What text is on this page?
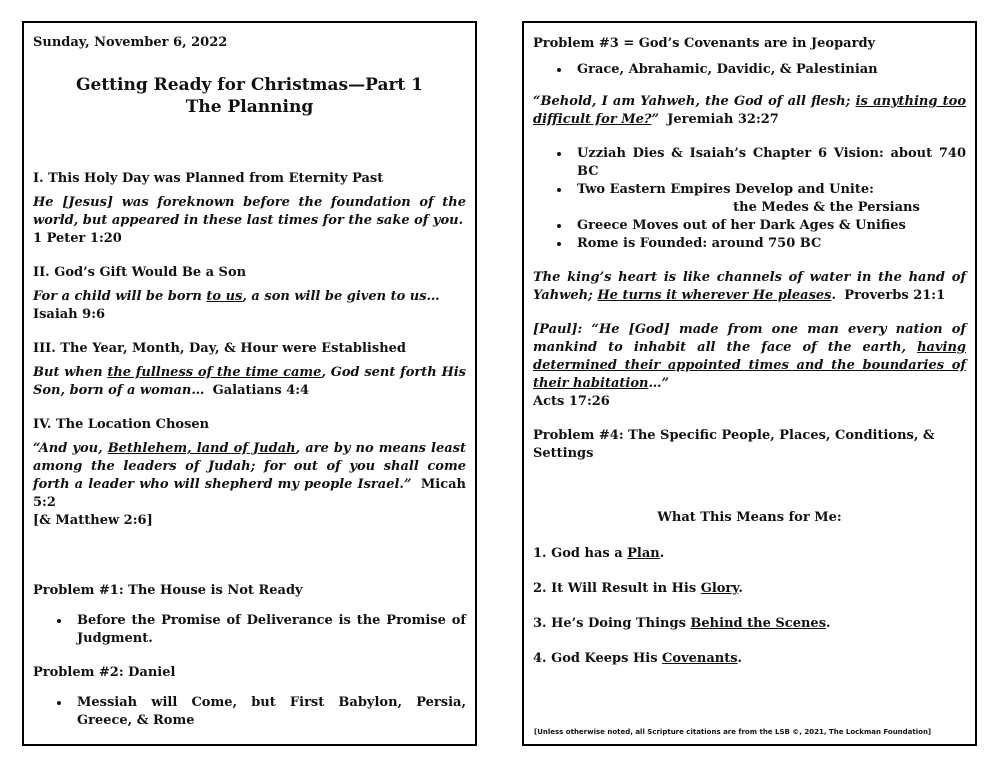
Sunday, November 6, 2022

Getting Ready for Christmas—Part 1

The Planning

I. This Holy Day was Planned from Eternity Past

He [Jesus] was foreknown before the foundation of the world, but appeared in these last times for the sake of you.

1 Peter 1:20

II. God’s Gift Would Be a Son

For a child will be born to us, a son will be given to us…

Isaiah 9:6

III. The Year, Month, Day, & Hour were Established

But when the fullness of the time came, God sent forth His Son, born of a woman… Galatians 4:4

IV. The Location Chosen

“And you, Bethlehem, land of Judah, are by no means least among the leaders of Judah; for out of you shall come forth a leader who will shepherd my people Israel.” Micah 5:2

[& Matthew 2:6]

Problem #1: The House is Not Ready

• Before the Promise of Deliverance is the Promise of Judgment.

Problem #2: Daniel

• Messiah will Come, but First Babylon, Persia, Greece, & Rome

Problem #3 = God’s Covenants are in Jeopardy

• Grace, Abrahamic, Davidic, & Palestinian

“Behold, I am Yahweh, the God of all flesh; is anything too difficult for Me?” Jeremiah 32:27

• Uzziah Dies & Isaiah’s Chapter 6 Vision: about 740 BC
• Two Eastern Empires Develop and Unite:

the Medes & the Persians
• Greece Moves out of her Dark Ages & Unifies
• Rome is Founded: around 750 BC

The king’s heart is like channels of water in the hand of Yahweh; He turns it wherever He pleases. Proverbs 21:1

[Paul]: “He [God] made from one man every nation of mankind to inhabit all the face of the earth, having determined their appointed times and the boundaries of their habitation…”

Acts 17:26

Problem #4: The Specific People, Places, Conditions, & Settings

What This Means for Me:

1. God has a Plan.

2. It Will Result in His Glory.

3. He’s Doing Things Behind the Scenes.

4. God Keeps His Covenants.

[Unless otherwise noted, all Scripture citations are from the LSB ©, 2021, The Lockman Foundation]
